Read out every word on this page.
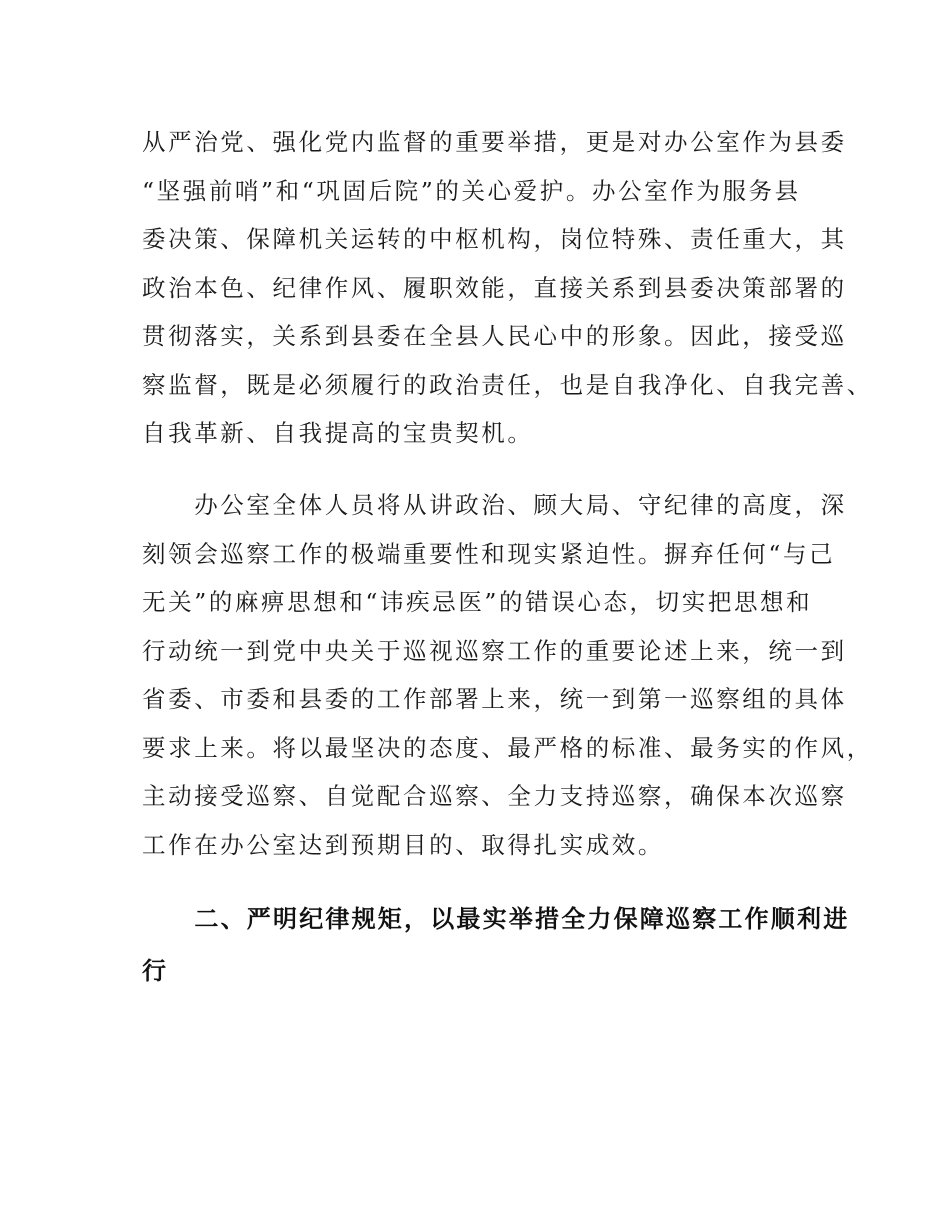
从严治党、强化党内监督的重要举措，更是对办公室作为县委
“坚强前哨”和“巩固后院”的关心爱护。办公室作为服务县
委决策、保障机关运转的中枢机构，岗位特殊、责任重大，其
政治本色、纪律作风、履职效能，直接关系到县委决策部署的
贯彻落实，关系到县委在全县人民心中的形象。因此，接受巡
察监督，既是必须履行的政治责任，也是自我净化、自我完善、
自我革新、自我提高的宝贵契机。
　　办公室全体人员将从讲政治、顾大局、守纪律的高度，深
刻领会巡察工作的极端重要性和现实紧迫性。摒弃任何“与己
无关”的麻痹思想和“讳疾忌医”的错误心态，切实把思想和
行动统一到党中央关于巡视巡察工作的重要论述上来，统一到
省委、市委和县委的工作部署上来，统一到第一巡察组的具体
要求上来。将以最坚决的态度、最严格的标准、最务实的作风，
主动接受巡察、自觉配合巡察、全力支持巡察，确保本次巡察
工作在办公室达到预期目的、取得扎实成效。
　　二、严明纪律规矩，以最实举措全力保障巡察工作顺利进
行
